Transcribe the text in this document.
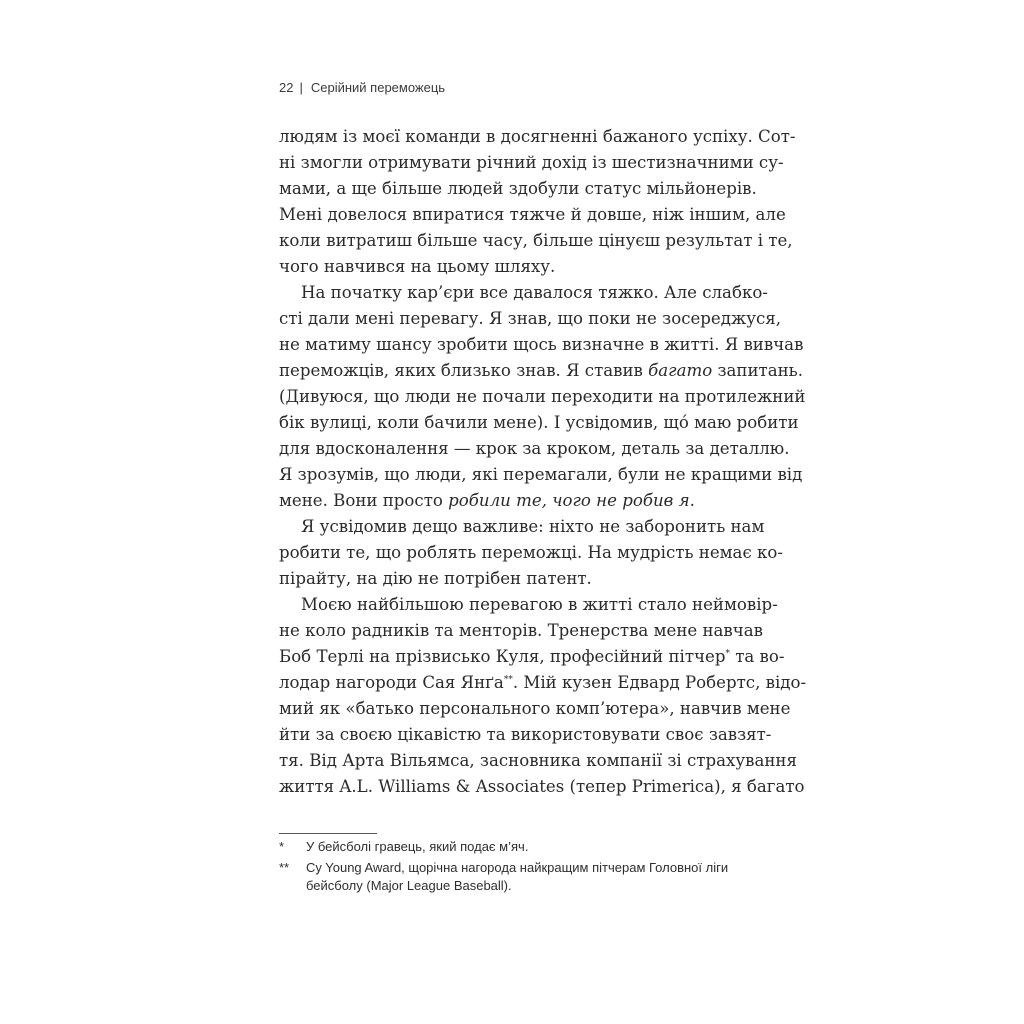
22 | Серійний переможець
людям із моєї команди в досягненні бажаного успіху. Сот-
ні змогли отримувати річний дохід із шестизначними су-
мами, а ще більше людей здобули статус мільйонерів.
Мені довелося впиратися тяжче й довше, ніж іншим, але
коли витратиш більше часу, більше цінуєш результат і те,
чого навчився на цьому шляху.
На початку кар’єри все давалося тяжко. Але слабко-
сті дали мені перевагу. Я знав, що поки не зосереджуся,
не матиму шансу зробити щось визначне в житті. Я вивчав
переможців, яких близько знав. Я ставив багато запитань.
(Дивуюся, що люди не почали переходити на протилежний
бік вулиці, коли бачили мене). І усвідомив, що́ маю робити
для вдосконалення — крок за кроком, деталь за деталлю.
Я зрозумів, що люди, які перемагали, були не кращими від
мене. Вони просто робили те, чого не робив я.
Я усвідомив дещо важливе: ніхто не заборонить нам
робити те, що роблять переможці. На мудрість немає ко-
пірайту, на дію не потрібен патент.
Моєю найбільшою перевагою в житті стало неймовір-
не коло радників та менторів. Тренерства мене навчав
Боб Терлі на прізвисько Куля, професійний пітчер* та во-
лодар нагороди Сая Янґа**. Мій кузен Едвард Робертс, відо-
мий як «батько персонального комп’ютера», навчив мене
йти за своєю цікавістю та використовувати своє завзят-
тя. Від Арта Вільямса, засновника компанії зі страхування
життя A.L. Williams & Associates (тепер Primerica), я багато
* У бейсболі гравець, який подає м’яч.
** Cy Young Award, щорічна нагорода найкращим пітчерам Головної ліги бейсболу (Major League Baseball).
